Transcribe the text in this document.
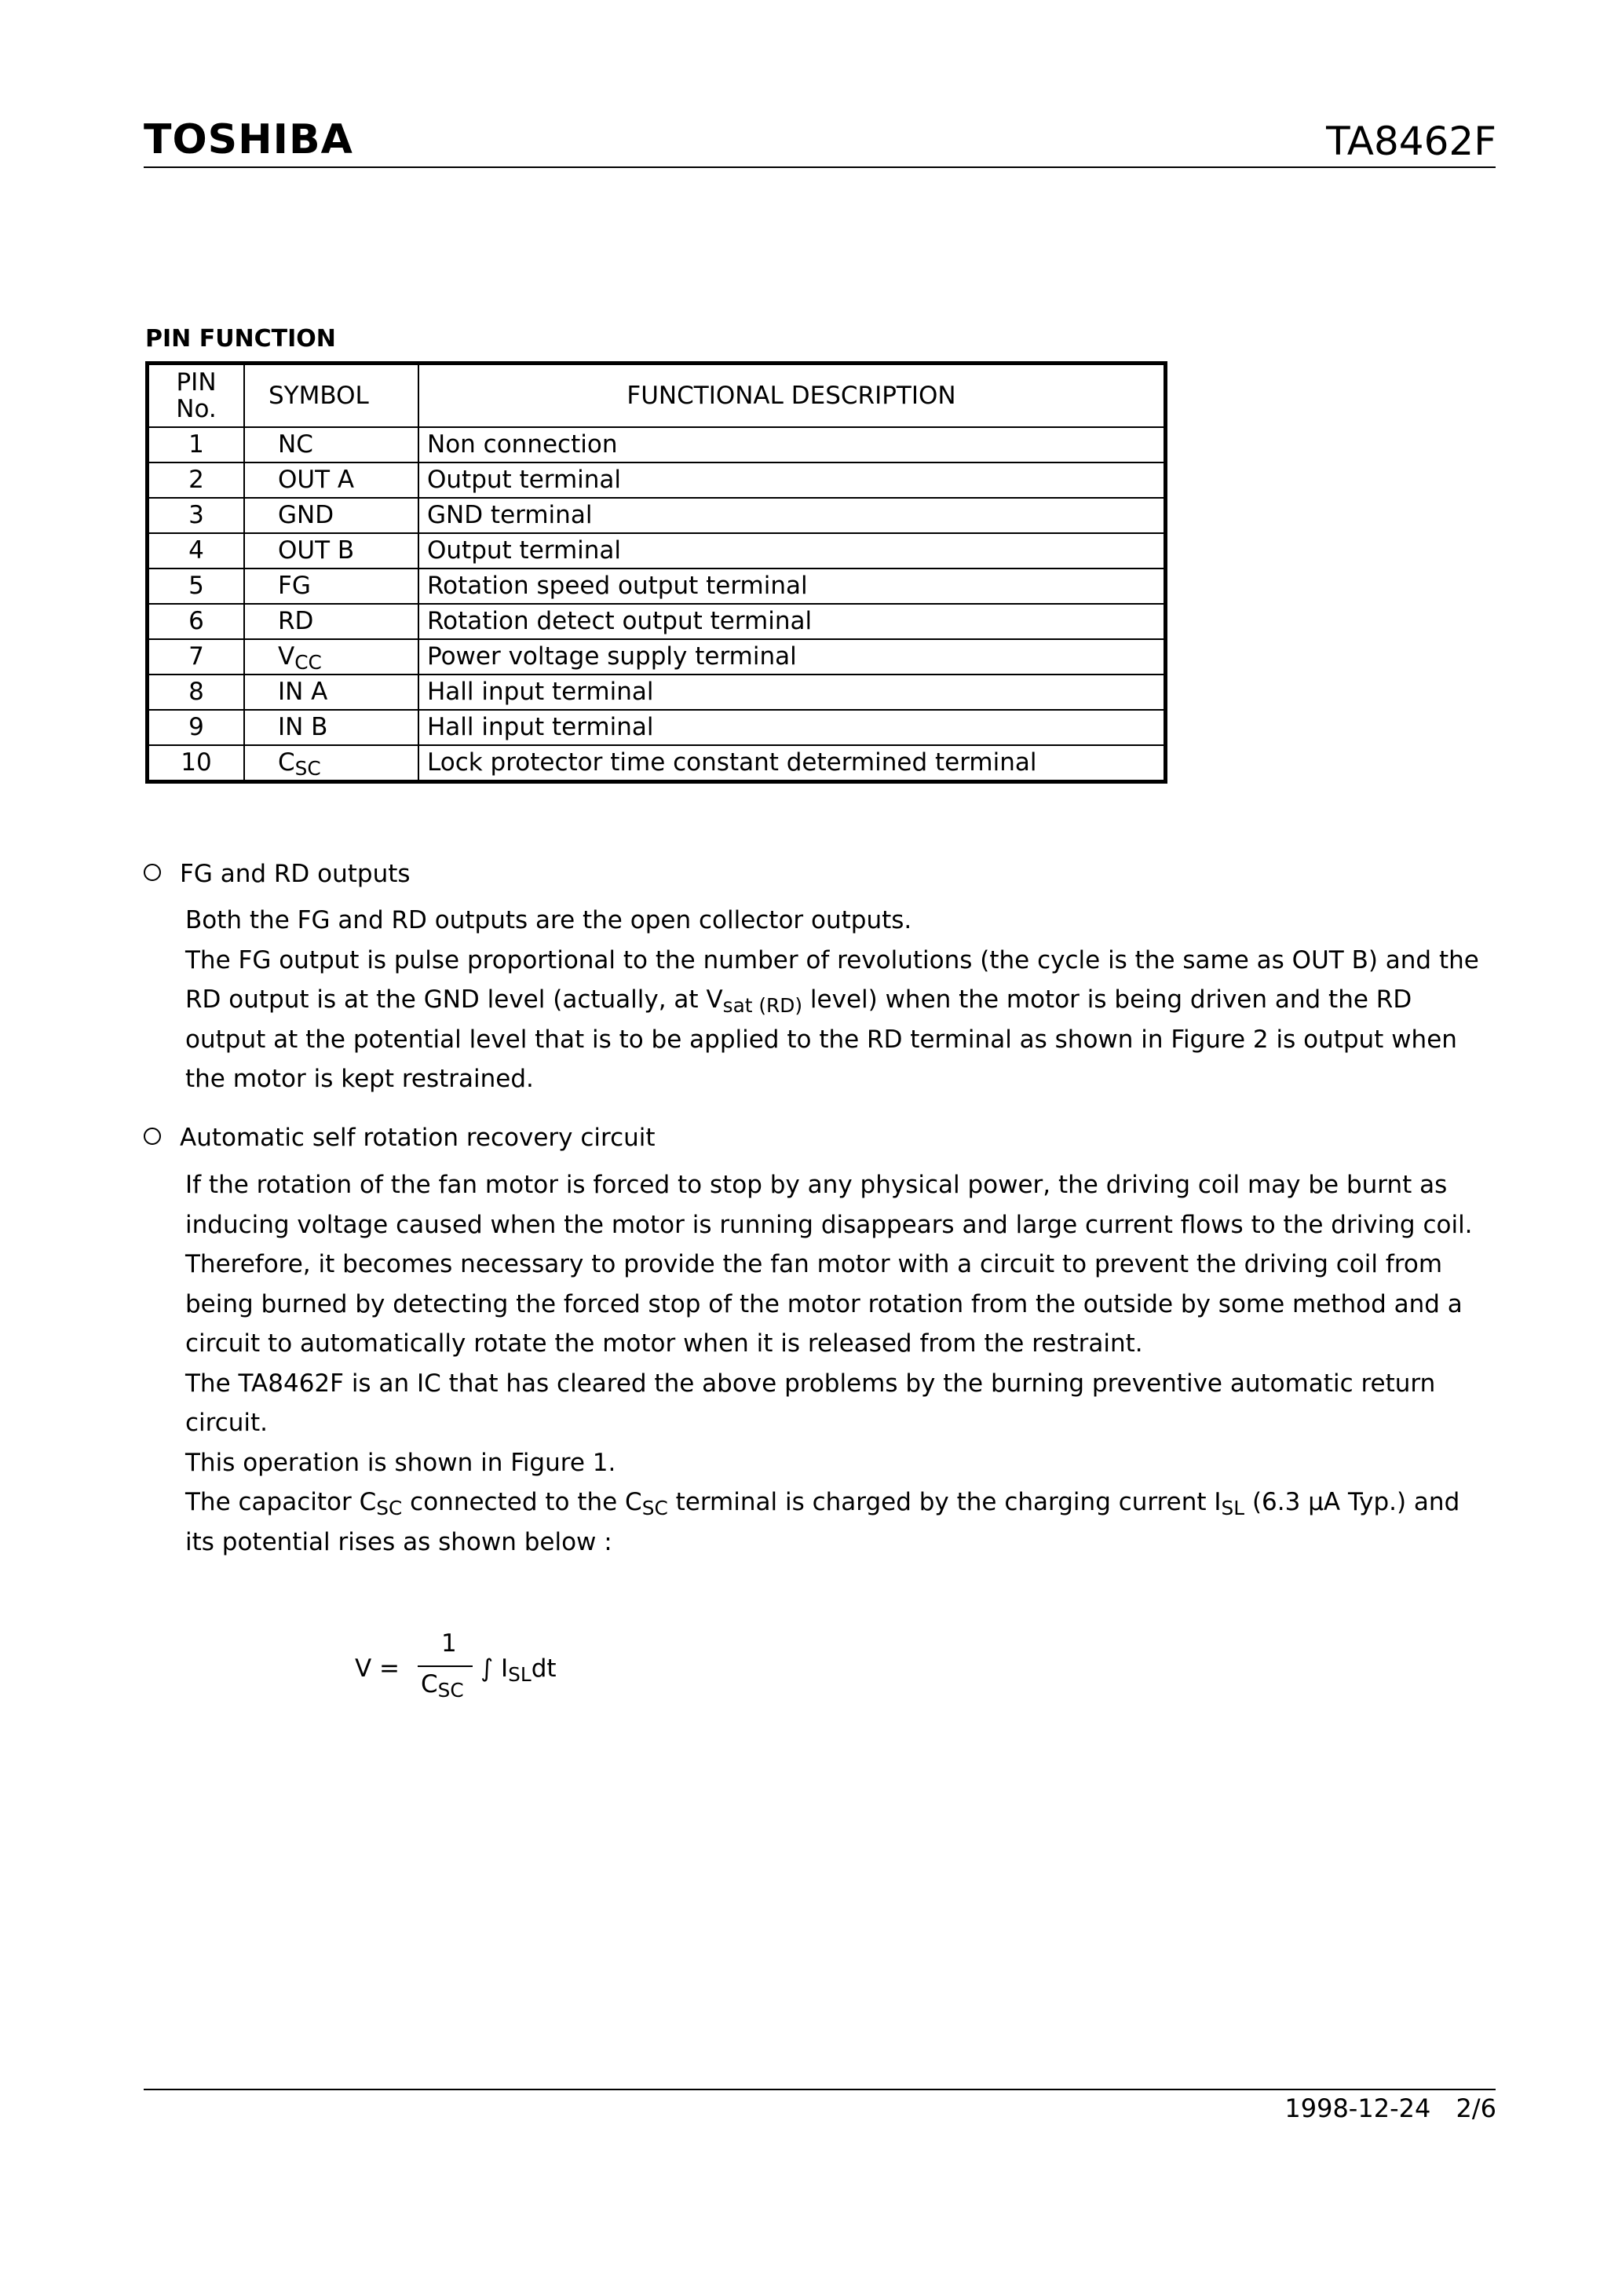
TOSHIBA	TA8462F
PIN FUNCTION
PIN
No.	SYMBOL	FUNCTIONAL DESCRIPTION
1	NC	Non connection
2	OUT A	Output terminal
3	GND	GND terminal
4	OUT B	Output terminal
5	FG	Rotation speed output terminal
6	RD	Rotation detect output terminal
7	$V_{CC}$	Power voltage supply terminal
8	IN A	Hall input terminal
9	IN B	Hall input terminal
10	$C_{SC}$	Lock protector time constant determined terminal
FG and RD outputs

Both the FG and RD outputs are the open collector outputs.

The FG output is pulse proportional to the number of revolutions (the cycle is the same as OUT B) and the RD output is at the GND level (actually, at $V_{sat (RD)}$ level) when the motor is being driven and the RD output at the potential level that is to be applied to the RD terminal as shown in Figure 2 is output when the motor is kept restrained.

Automatic self rotation recovery circuit

If the rotation of the fan motor is forced to stop by any physical power, the driving coil may be burnt as inducing voltage caused when the motor is running disappears and large current flows to the driving coil.

Therefore, it becomes necessary to provide the fan motor with a circuit to prevent the driving coil from being burned by detecting the forced stop of the motor rotation from the outside by some method and a circuit to automatically rotate the motor when it is released from the restraint.

The TA8462F is an IC that has cleared the above problems by the burning preventive automatic return circuit.

This operation is shown in Figure 1.

The capacitor $C_{SC}$ connected to the $C_{SC}$ terminal is charged by the charging current $I_{SL}$ (6.3 μA Typ.) and its potential rises as shown below :

V =
1
$C_{SC}$
∫ $I_{SL}dt$
1998-12-24 2/6
